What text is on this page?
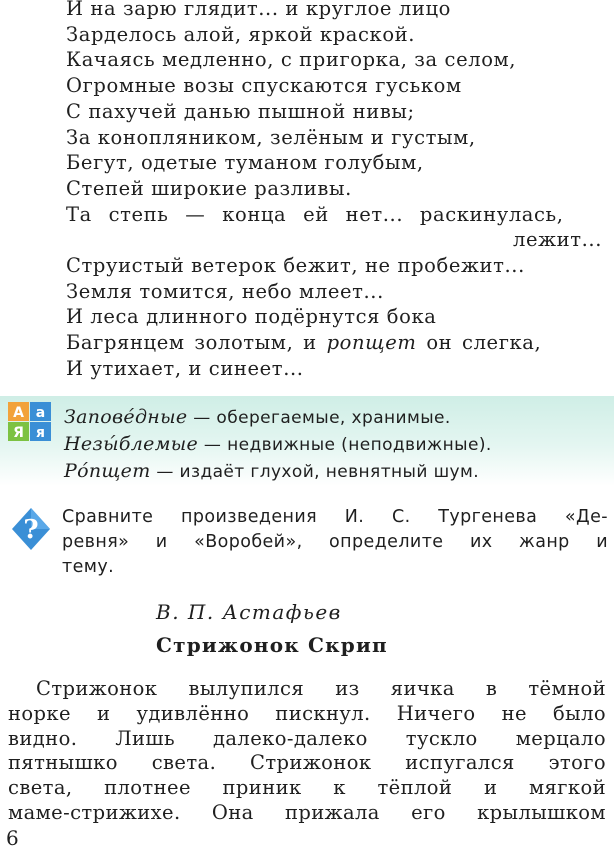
И на зарю глядит... и круглое лицо
Зарделось алой, яркой краской.
Качаясь медленно, с пригорка, за селом,
Огромные возы спускаются гуськом
С пахучей данью пышной нивы;
За конопляником, зелёным и густым,
Бегут, одетые туманом голубым,
Степей широкие разливы.
Та степь — конца ей нет... раскинулась,
лежит...
Струистый ветерок бежит, не пробежит...
Земля томится, небо млеет...
И леса длинного подёрнутся бока
Багрянцем золотым, и ропщет он слегка,
И утихает, и синеет...
А а
Я я
Заповéдные — оберегаемые, хранимые.
Незы́блемые — недвижные (неподвижные).
Ро́пщет — издаёт глухой, невнятный шум.
? Сравните произведения И. С. Тургенева «Де-
ревня» и «Воробей», определите их жанр и
тему.
В. П. Астафьев
Стрижонок Скрип
Стрижонок вылупился из яичка в тёмной
норке и удивлённо пискнул. Ничего не было
видно. Лишь далеко-далеко тускло мерцало
пятнышко света. Стрижонок испугался этого
света, плотнее приник к тёплой и мягкой
маме-стрижихе. Она прижала его крылышком
6
